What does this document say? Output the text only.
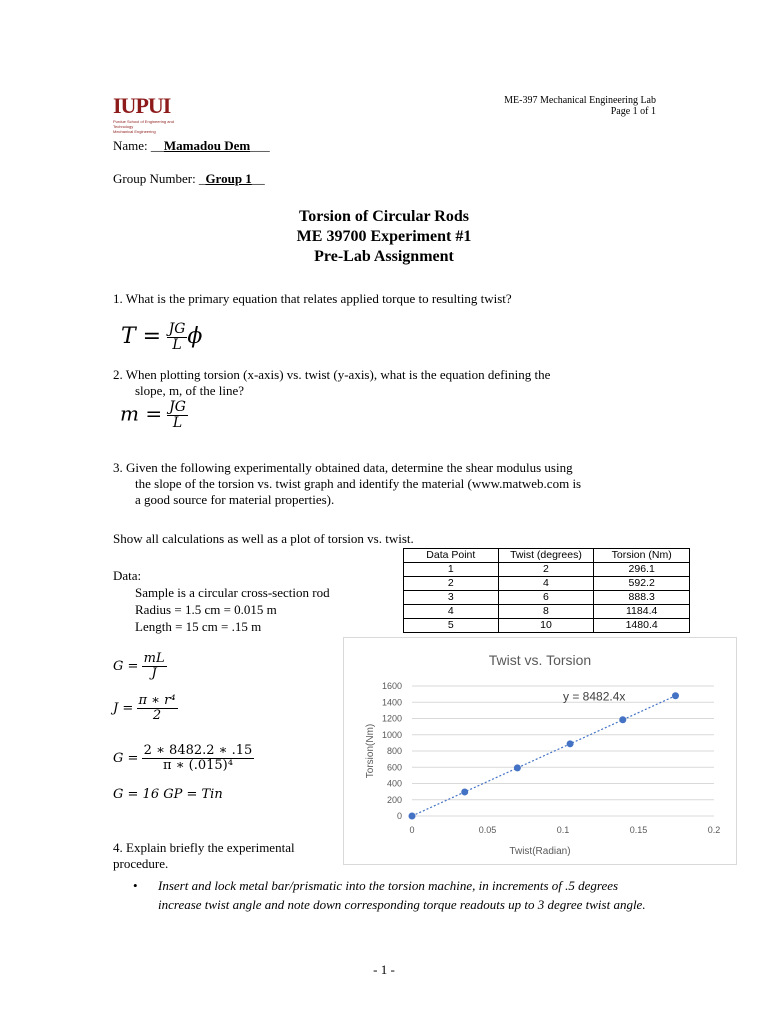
IUPUI
Purdue School of Engineering and Technology
Mechanical Engineering
ME-397 Mechanical Engineering Lab
Page 1 of 1
Name: __Mamadou Dem___
Group Number: _Group 1__
Torsion of Circular Rods
ME 39700 Experiment #1
Pre-Lab Assignment
1. What is the primary equation that relates applied torque to resulting twist?
$T = \frac{JG}{L}$ ϕ
2. When plotting torsion (x-axis) vs. twist (y-axis), what is the equation defining the
slope, m, of the line?
$m = \frac{JG}{L}$
3. Given the following experimentally obtained data, determine the shear modulus using
the slope of the torsion vs. twist graph and identify the material (www.matweb.com is
a good source for material properties).
Show all calculations as well as a plot of torsion vs. twist.
Data:
Sample is a circular cross-section rod
Radius = 1.5 cm = 0.015 m
Length = 15 cm = .15 m
Data Point	Twist (degrees)	Torsion (Nm)
1	2	296.1
2	4	592.2
3	6	888.3
4	8	1184.4
5	10	1480.4
$G = \frac{mL}{J}$
$J = \frac{\text{π ∗ r⁴}}{2}$
$G = \frac{2 ∗ 8482.2 ∗ .15}{\text{π ∗ (.015)⁴}}$
G = 16 GP = Tin
Twist vs. Torsion
0
200
400
600
800
1000
1200
1400
1600
0	0.05	0.1	0.15	0.2
y = 8482.4x
Twist(Radian)
Torsion(Nm)
4. Explain briefly the experimental
procedure.
•	Insert and lock metal bar/prismatic into the torsion machine, in increments of .5 degrees increase twist angle and note down corresponding torque readouts up to 3 degree twist angle.
- 1 -
